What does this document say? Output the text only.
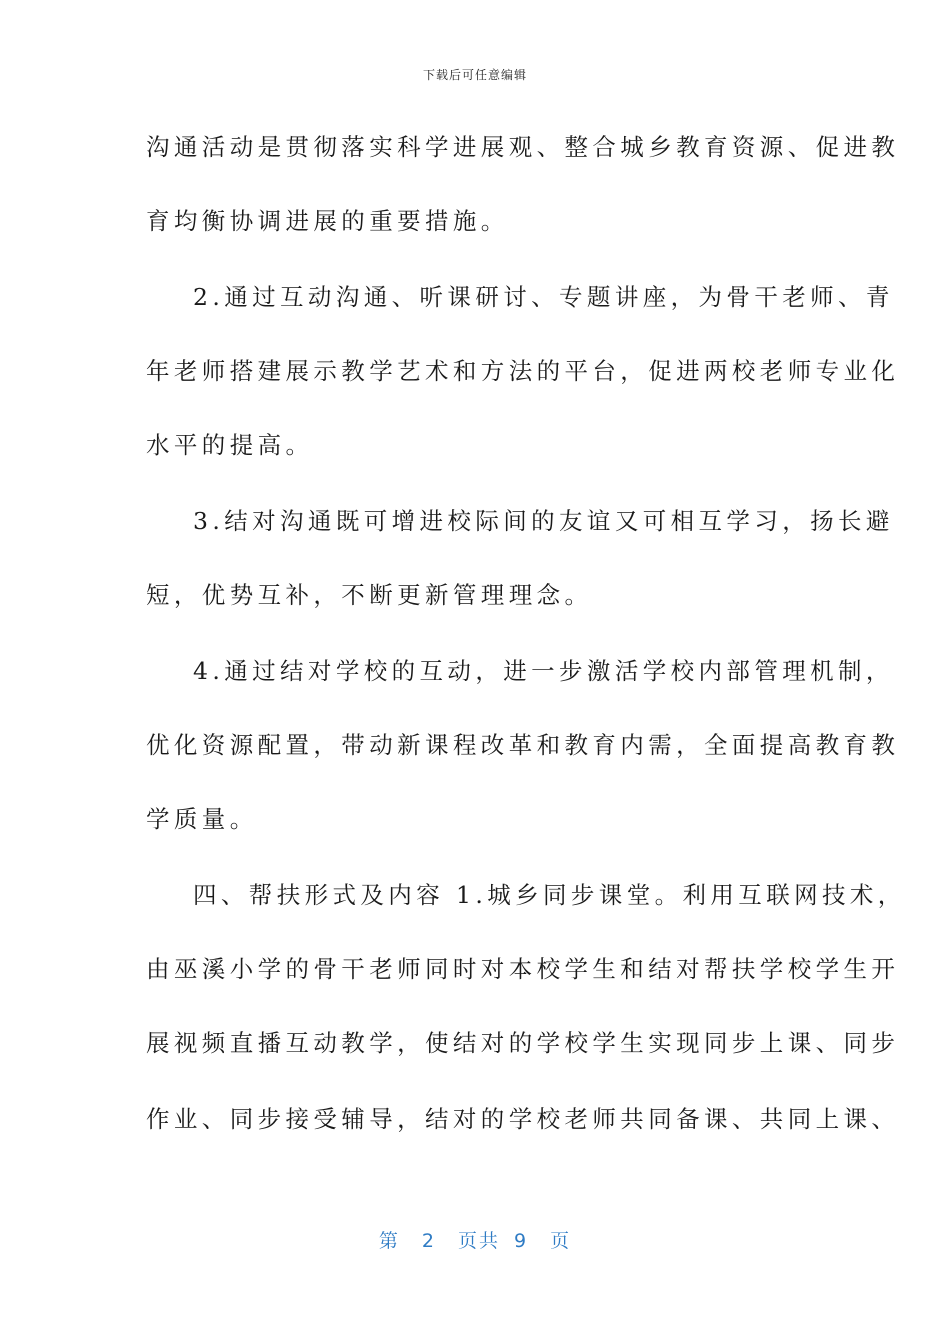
下载后可任意编辑
沟通活动是贯彻落实科学进展观、整合城乡教育资源、促进教
育均衡协调进展的重要措施。
2.通过互动沟通、听课研讨、专题讲座，为骨干老师、青
年老师搭建展示教学艺术和方法的平台，促进两校老师专业化
水平的提高。
3.结对沟通既可增进校际间的友谊又可相互学习，扬长避
短，优势互补，不断更新管理理念。
4.通过结对学校的互动，进一步激活学校内部管理机制，
优化资源配置，带动新课程改革和教育内需，全面提高教育教
学质量。
四、帮扶形式及内容 1.城乡同步课堂。利用互联网技术，
由巫溪小学的骨干老师同时对本校学生和结对帮扶学校学生开
展视频直播互动教学，使结对的学校学生实现同步上课、同步
作业、同步接受辅导，结对的学校老师共同备课、共同上课、
第 2 页共 9 页
